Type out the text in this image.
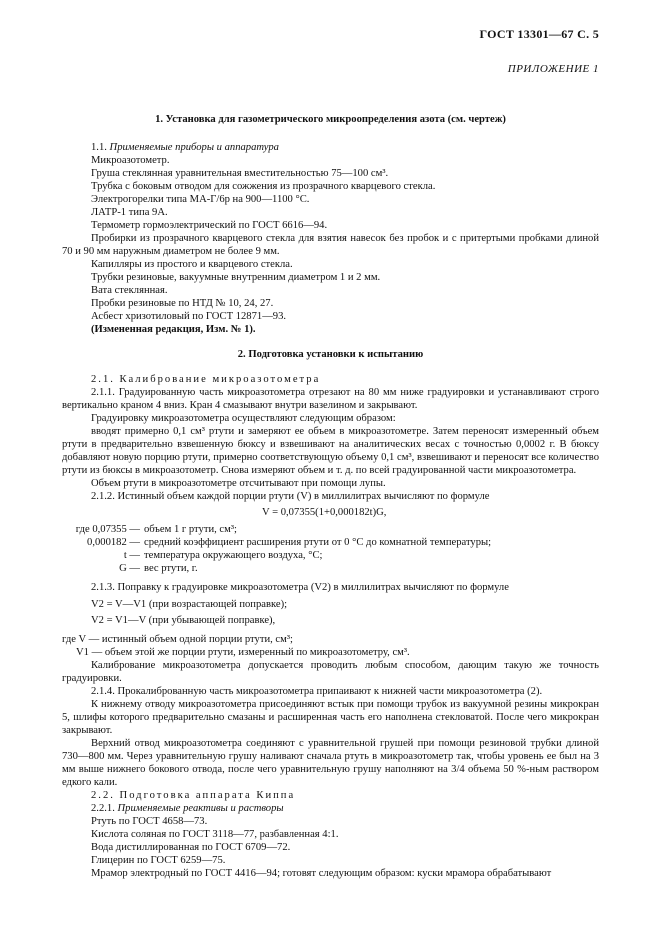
ГОСТ 13301—67 С. 5
ПРИЛОЖЕНИЕ 1

1. Установка для газометрического микроопределения азота (см. чертеж)

1.1. Применяемые приборы и аппаратура

Микроазотометр.

Груша стеклянная уравнительная вместительностью 75—100 см³.

Трубка с боковым отводом для сожжения из прозрачного кварцевого стекла.

Электрогорелки типа МА-Г/6р на 900—1100 °С.

ЛАТР-1 типа 9А.

Термометр гормоэлектрический по ГОСТ 6616—94.

Пробирки из прозрачного кварцевого стекла для взятия навесок без пробок и с притертыми пробками длиной 70 и 90 мм наружным диаметром не более 9 мм.

Капилляры из простого и кварцевого стекла.

Трубки резиновые, вакуумные внутренним диаметром 1 и 2 мм.

Вата стеклянная.

Пробки резиновые по НТД № 10, 24, 27.

Асбест хризотиловый по ГОСТ 12871—93.

(Измененная редакция, Изм. № 1).

2. Подготовка установки к испытанию

2.1. Калибрование микроазотометра

2.1.1. Градуированную часть микроазотометра отрезают на 80 мм ниже градуировки и устанавливают строго вертикально краном 4 вниз. Кран 4 смазывают внутри вазелином и закрывают.

Градуировку микроазотометра осуществляют следующим образом:

вводят примерно 0,1 см³ ртути и замеряют ее объем в микроазотометре. Затем переносят измеренный объем ртути в предварительно взвешенную бюксу и взвешивают на аналитических весах с точностью 0,0002 г. В бюксу добавляют новую порцию ртути, примерно соответствующую объему 0,1 см³, взвешивают и переносят все количество ртути из бюксы в микроазотометр. Снова измеряют объем и т. д. по всей градуированной части микроазотометра.

Объем ртути в микроазотометре отсчитывают при помощи лупы.

2.1.2. Истинный объем каждой порции ртути (V) в миллилитрах вычисляют по формуле

V = 0,07355(1+0,000182t)G,

где 0,07355 — объем 1 г ртути, см³;
0,000182 — средний коэффициент расширения ртути от 0 °С до комнатной температуры;
t — температура окружающего воздуха, °С;
G — вес ртути, г.

2.1.3. Поправку к градуировке микроазотометра (V2) в миллилитрах вычисляют по формуле

V2 = V—V1 (при возрастающей поправке);

V2 = V1—V (при убывающей поправке),

где V — истинный объем одной порции ртути, см³;

V1 — объем этой же порции ртути, измеренный по микроазотометру, см³.

Калибрование микроазотометра допускается проводить любым способом, дающим такую же точность градуировки.

2.1.4. Прокалиброванную часть микроазотометра припаивают к нижней части микроазотометра (2).

К нижнему отводу микроазотометра присоединяют встык при помощи трубок из вакуумной резины микрокран 5, шлифы которого предварительно смазаны и расширенная часть его наполнена стекловатой. После чего микрокран закрывают.

Верхний отвод микроазотометра соединяют с уравнительной грушей при помощи резиновой трубки длиной 730—800 мм. Через уравнительную грушу наливают сначала ртуть в микроазотометр так, чтобы уровень ее был на 3 мм выше нижнего бокового отвода, после чего уравнительную грушу наполняют на 3/4 объема 50 %-ным раствором едкого кали.

2.2. Подготовка аппарата Киппа

2.2.1. Применяемые реактивы и растворы

Ртуть по ГОСТ 4658—73.

Кислота соляная по ГОСТ 3118—77, разбавленная 4:1.

Вода дистиллированная по ГОСТ 6709—72.

Глицерин по ГОСТ 6259—75.

Мрамор электродный по ГОСТ 4416—94; готовят следующим образом: куски мрамора обрабатывают
